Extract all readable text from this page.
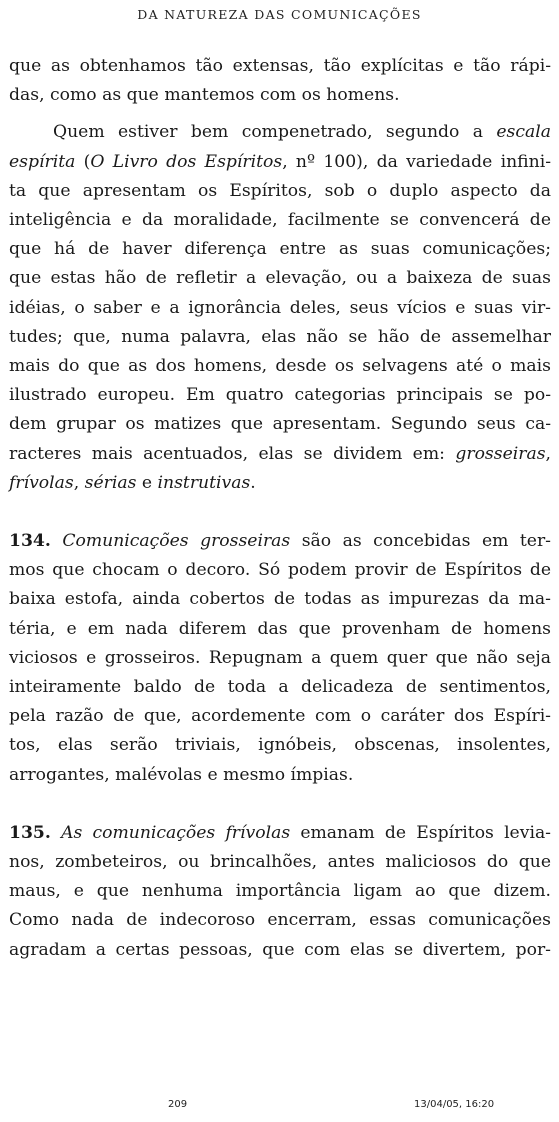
DA NATUREZA DAS COMUNICAÇÕES
que as obtenhamos tão extensas, tão explícitas e tão rápi-
das, como as que mantemos com os homens.
Quem estiver bem compenetrado, segundo a escala
espírita (O Livro dos Espíritos, nº 100), da variedade infini-
ta que apresentam os Espíritos, sob o duplo aspecto da
inteligência e da moralidade, facilmente se convencerá de
que há de haver diferença entre as suas comunicações;
que estas hão de refletir a elevação, ou a baixeza de suas
idéias, o saber e a ignorância deles, seus vícios e suas vir-
tudes; que, numa palavra, elas não se hão de assemelhar
mais do que as dos homens, desde os selvagens até o mais
ilustrado europeu. Em quatro categorias principais se po-
dem grupar os matizes que apresentam. Segundo seus ca-
racteres mais acentuados, elas se dividem em: grosseiras,
frívolas, sérias e instrutivas.
134. Comunicações grosseiras são as concebidas em ter-
mos que chocam o decoro. Só podem provir de Espíritos de
baixa estofa, ainda cobertos de todas as impurezas da ma-
téria, e em nada diferem das que provenham de homens
viciosos e grosseiros. Repugnam a quem quer que não seja
inteiramente baldo de toda a delicadeza de sentimentos,
pela razão de que, acordemente com o caráter dos Espíri-
tos, elas serão triviais, ignóbeis, obscenas, insolentes,
arrogantes, malévolas e mesmo ímpias.
135. As comunicações frívolas emanam de Espíritos levia-
nos, zombeteiros, ou brincalhões, antes maliciosos do que
maus, e que nenhuma importância ligam ao que dizem.
Como nada de indecoroso encerram, essas comunicações
agradam a certas pessoas, que com elas se divertem, por-
209	13/04/05, 16:20
